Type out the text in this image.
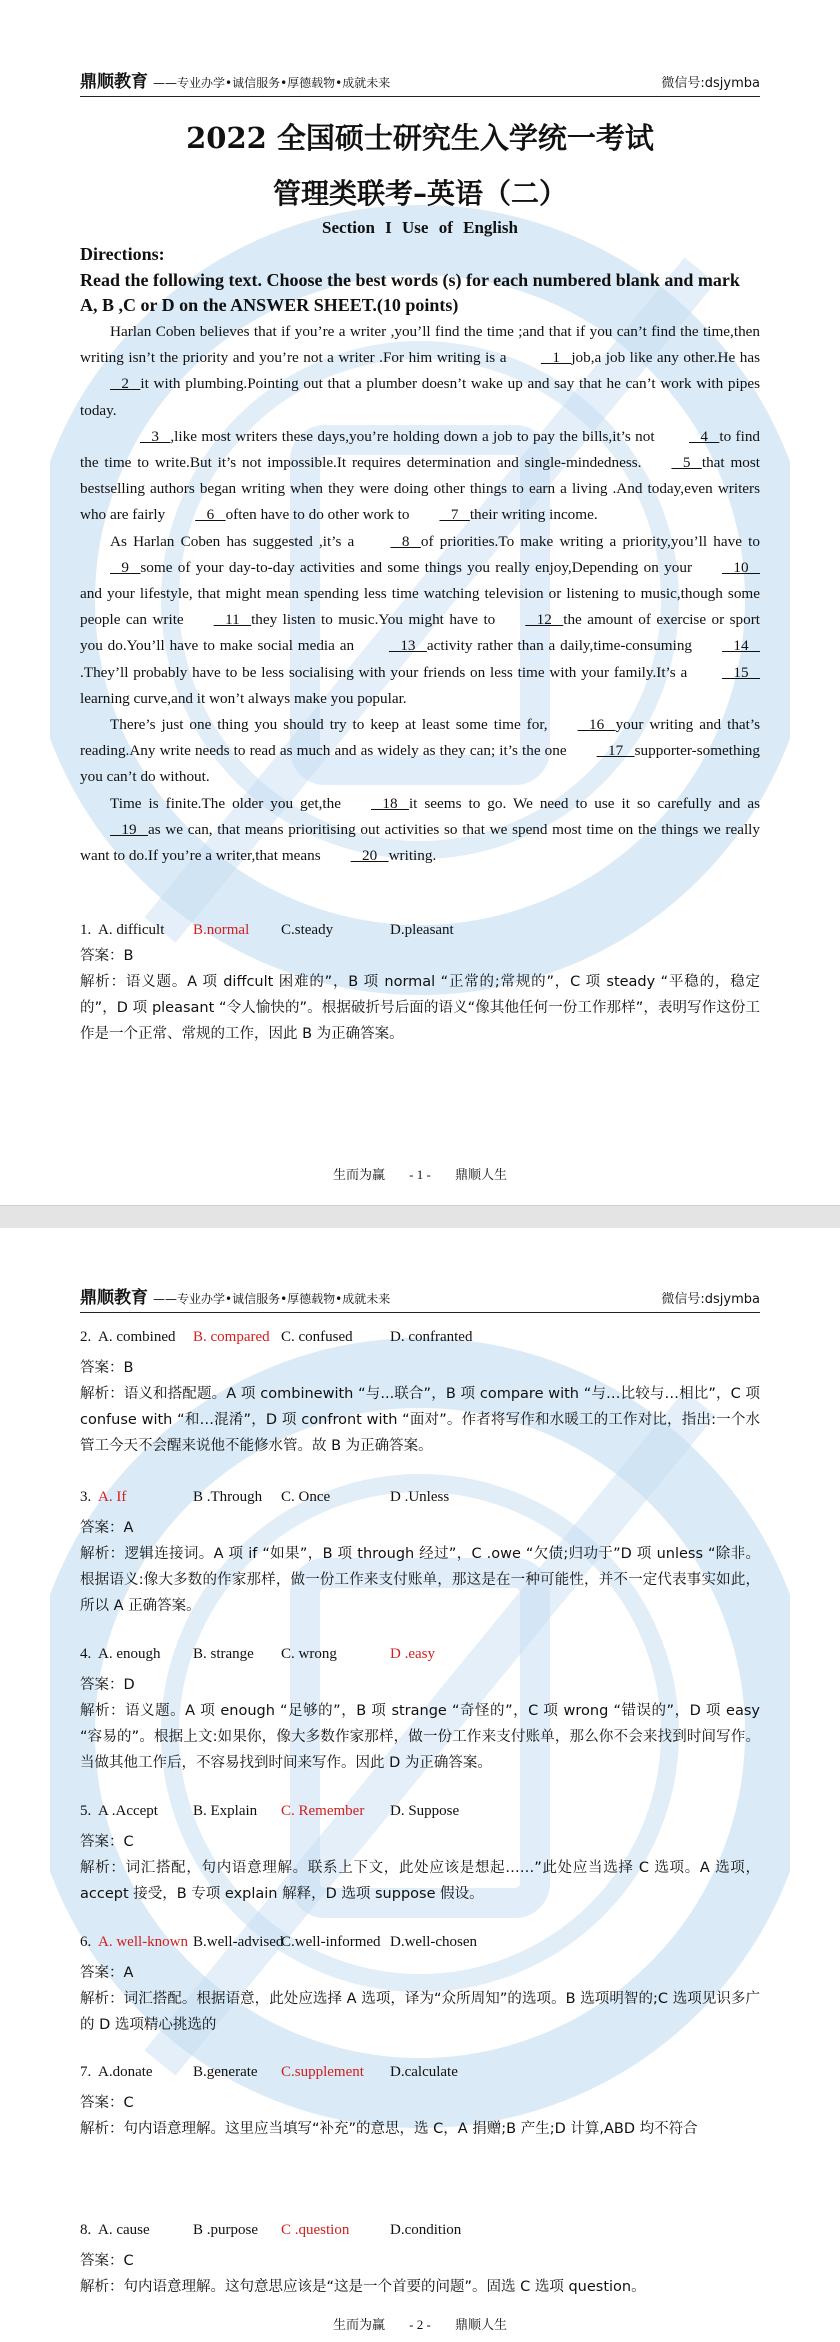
鼎顺教育 ——专业办学•诚信服务•厚德载物•成就未来	微信号:dsjymba
2022 全国硕士研究生入学统一考试
管理类联考–英语（二）
Section I Use of English
Directions:
Read the following text. Choose the best words (s) for each numbered blank and mark A, B ,C or D on the ANSWER SHEET.(10 points)

Harlan Coben believes that if you’re a writer ,you’ll find the time ;and that if you can’t find the time,then writing isn’t the priority and you’re not a writer .For him writing is a    1   job,a job like any other.He has   2   it with plumbing.Pointing out that a plumber doesn’t wake up and say that he can’t work with pipes today.

3   ,like most writers these days,you’re holding down a job to pay the bills,it’s not    4   to find the time to write.But it’s not impossible.It requires determination and single-mindedness.   5   that most bestselling authors began writing when they were doing other things to earn a living .And today,even writers who are fairly   6   often have to do other work to   7   their writing income.

As Harlan Coben has suggested ,it’s a    8   of priorities.To make writing a priority,you’ll have to   9   some of your day-to-day activities and some things you really enjoy,Depending on your   10   and your lifestyle, that might mean spending less time watching television or listening to music,though some people can write   11   they listen to music.You might have to   12   the amount of exercise or sport you do.You’ll have to make social media an    13   activity rather than a daily,time-consuming   14   .They’ll probably have to be less socialising with your friends on less time with your family.It’s a    15   learning curve,and it won’t always make you popular.

There’s just one thing you should try to keep at least some time for,   16   your writing and that’s reading.Any write needs to read as much and as widely as they can; it’s the one   17   supporter-something you can’t do without.

Time is finite.The older you get,the   18   it seems to go. We need to use it so carefully and as   19   as we can, that means prioritising out activities so that we spend most time on the things we really want to do.If you’re a writer,that means   20   writing.

1. A. difficult B.normal C.steady	D.pleasant
答案：B
解析：语义题。A 项 diffcult 困难的”，B 项 normal “正常的;常规的”，C 项 steady “平稳的，稳定的”，D 项 pleasant “令人愉快的”。根据破折号后面的语义“像其他任何一份工作那样”，表明写作这份工作是一个正常、常规的工作，因此 B 为正确答案。
生而为赢 - 1 - 鼎顺人生
鼎顺教育 ——专业办学•诚信服务•厚德载物•成就未来	微信号:dsjymba
2. A. combined B. compared C. confused D. confranted
答案：B
解析：语义和搭配题。A 项 combinewith “与...联合”，B 项 compare with “与…比较与…相比”，C 项 confuse with “和…混淆”，D 项 confront with “面对”。作者将写作和水暖工的工作对比，指出:一个水管工今天不会醒来说他不能修水管。故 B 为正确答案。
3. A. If	B .Through C. Once	D .Unless
答案：A
解析：逻辑连接词。A 项 if “如果”，B 项 through 经过”，C .owe “欠债;归功于”D 项 unless “除非。根据语义:像大多数的作家那样，做一份工作来支付账单，那这是在一种可能性，并不一定代表事实如此，所以 A 正确答案。
4. A. enough B. strange C. wrong	D .easy
答案：D
解析：语义题。A 项 enough “足够的”，B 项 strange “奇怪的”，C 项 wrong “错误的”，D 项 easy “容易的”。根据上文:如果你，像大多数作家那样，做一份工作来支付账单，那么你不会来找到时间写作。当做其他工作后，不容易找到时间来写作。因此 D 为正确答案。
5. A .Accept B. Explain C. Remember D. Suppose
答案：C
解析：词汇搭配，句内语意理解。联系上下文，此处应该是想起……”此处应当选择 C 选项。A 选项，accept 接受，B 专项 explain 解释，D 选项 suppose 假设。
6. A. well-known B.well-advised
C.well-informed D.well-chosen
答案：A
解析：词汇搭配。根据语意，此处应选择 A 选项，译为“众所周知”的选项。B 选项明智的;C 选项见识多广的 D 选项精心挑选的
7. A.donate	B.generate C.supplement D.calculate
答案：C
解析：句内语意理解。这里应当填写“补充”的意思，选 C，A 捐赠;B 产生;D 计算,ABD 均不符合
8. A. cause	B .purpose C .question	D.condition
答案：C
解析：句内语意理解。这句意思应该是“这是一个首要的问题”。固选 C 选项 question。
生而为赢 - 2 - 鼎顺人生
